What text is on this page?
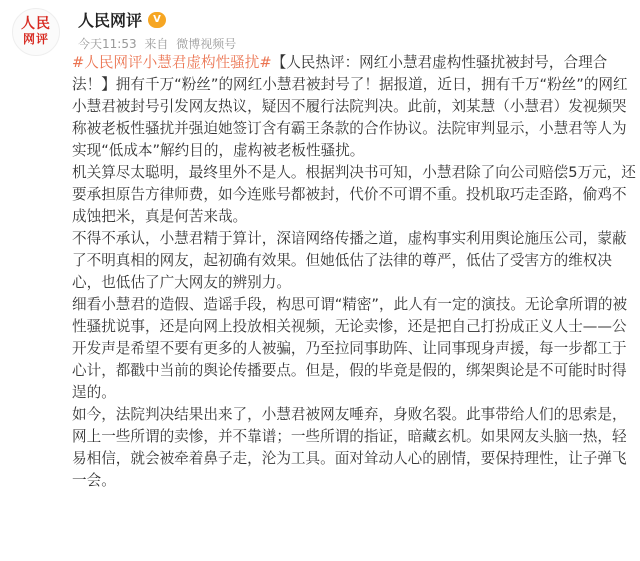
人民
网评
人民网评	V
今天11:53 来自 微博视频号

#人民网评小慧君虚构性骚扰#【人民热评：网红小慧君虚构性骚扰被封号，合理合法！】拥有千万“粉丝”的网红小慧君被封号了！据报道，近日，拥有千万“粉丝”的网红小慧君被封号引发网友热议，疑因不履行法院判决。此前，刘某慧（小慧君）发视频哭称被老板性骚扰并强迫她签订含有霸王条款的合作协议。法院审判显示，小慧君等人为实现“低成本”解约目的，虚构被老板性骚扰。

机关算尽太聪明，最终里外不是人。根据判决书可知，小慧君除了向公司赔偿5万元，还要承担原告方律师费，如今连账号都被封，代价不可谓不重。投机取巧走歪路，偷鸡不成蚀把米，真是何苦来哉。

不得不承认，小慧君精于算计，深谙网络传播之道，虚构事实利用舆论施压公司，蒙蔽了不明真相的网友，起初确有效果。但她低估了法律的尊严，低估了受害方的维权决心，也低估了广大网友的辨别力。

细看小慧君的造假、造谣手段，构思可谓“精密”，此人有一定的演技。无论拿所谓的被性骚扰说事，还是向网上投放相关视频，无论卖惨，还是把自己打扮成正义人士——公开发声是希望不要有更多的人被骗，乃至拉同事助阵、让同事现身声援，每一步都工于心计，都戳中当前的舆论传播要点。但是，假的毕竟是假的，绑架舆论是不可能时时得逞的。

如今，法院判决结果出来了，小慧君被网友唾弃，身败名裂。此事带给人们的思索是，网上一些所谓的卖惨，并不靠谱；一些所谓的指证，暗藏玄机。如果网友头脑一热，轻易相信，就会被牵着鼻子走，沦为工具。面对耸动人心的剧情，要保持理性，让子弹飞一会。
